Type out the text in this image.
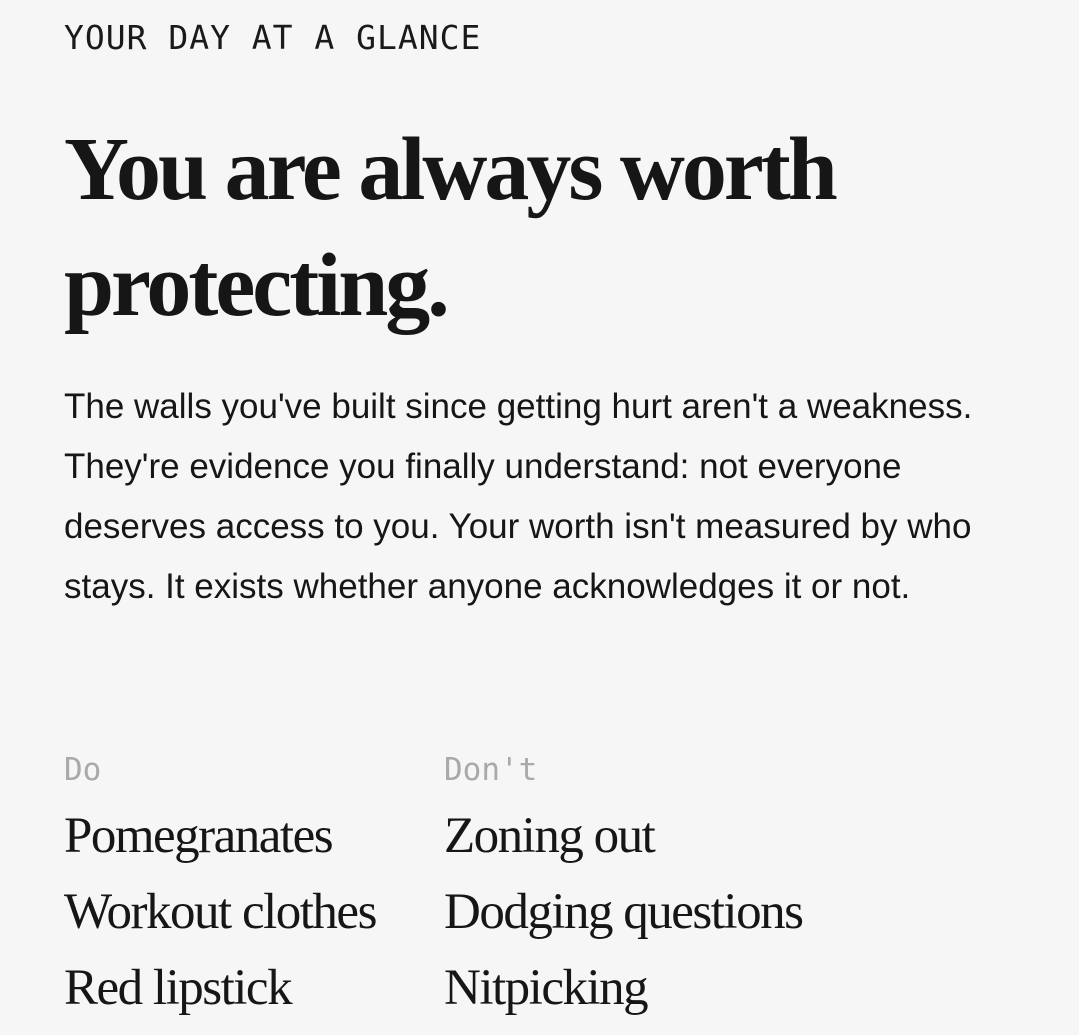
YOUR DAY AT A GLANCE
You are always worth protecting.

The walls you've built since getting hurt aren't a weakness. They're evidence you finally understand: not everyone deserves access to you. Your worth isn't measured by who stays. It exists whether anyone acknowledges it or not.

Do
Pomegranates
Workout clothes
Red lipstick
Don't
Zoning out
Dodging questions
Nitpicking
